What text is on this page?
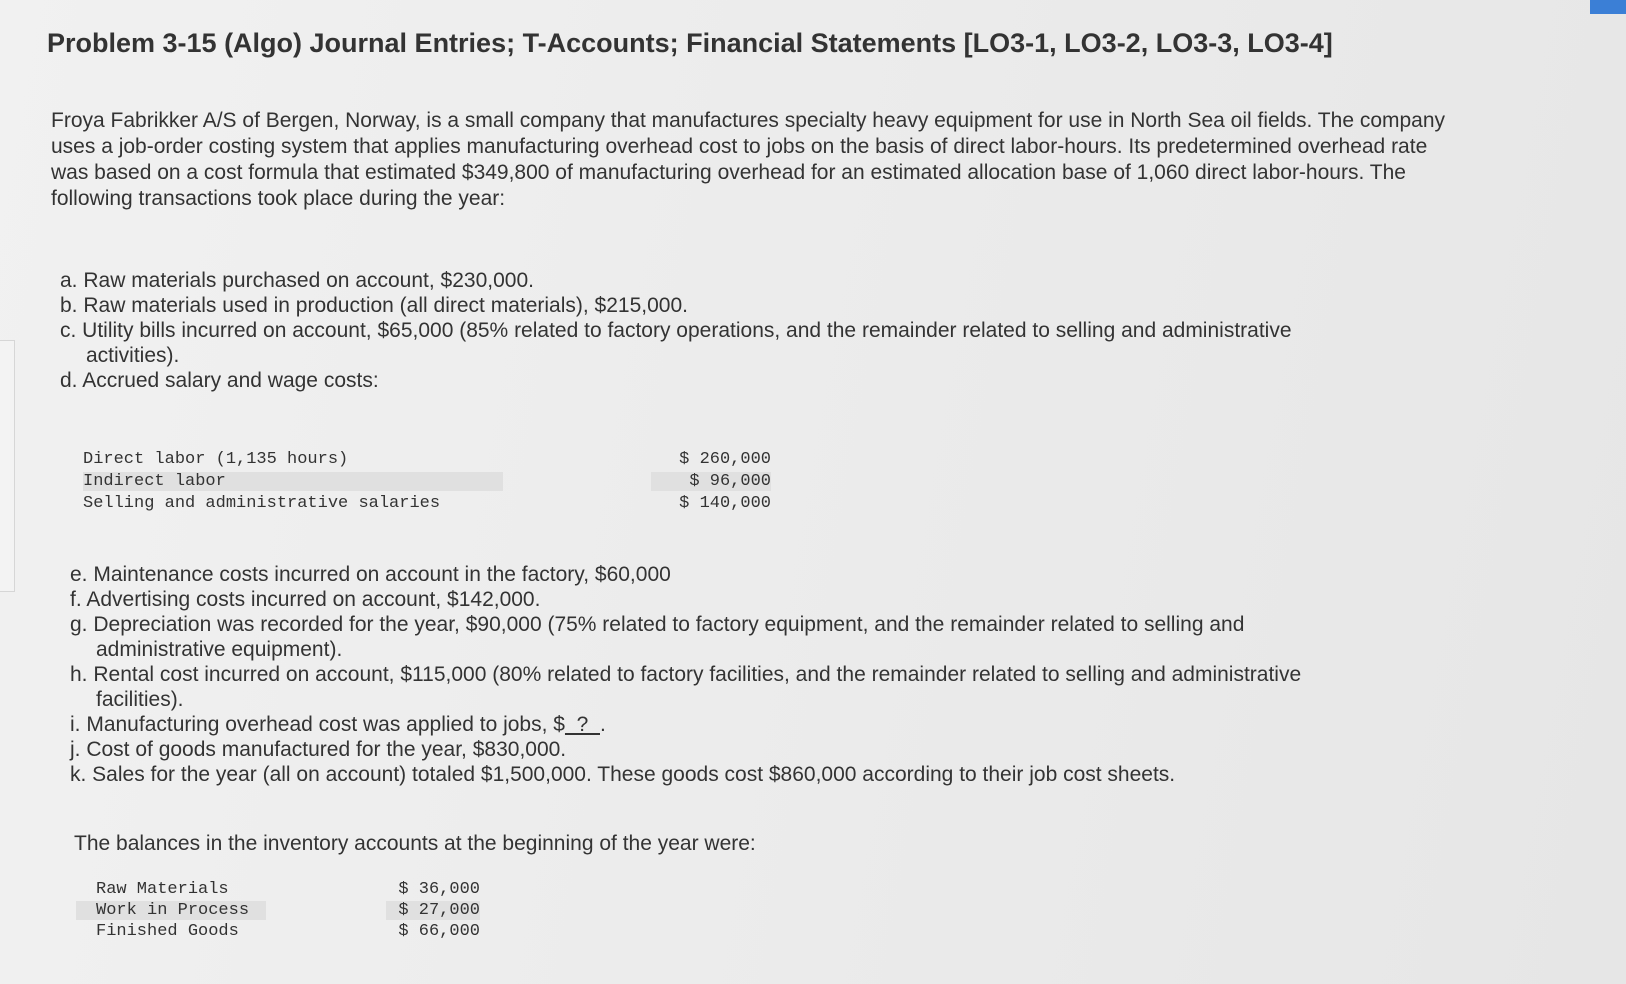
Problem 3-15 (Algo) Journal Entries; T-Accounts; Financial Statements [LO3-1, LO3-2, LO3-3, LO3-4]
Froya Fabrikker A/S of Bergen, Norway, is a small company that manufactures specialty heavy equipment for use in North Sea oil fields. The company uses a job-order costing system that applies manufacturing overhead cost to jobs on the basis of direct labor-hours. Its predetermined overhead rate was based on a cost formula that estimated $349,800 of manufacturing overhead for an estimated allocation base of 1,060 direct labor-hours. The following transactions took place during the year:
a. Raw materials purchased on account, $230,000.
b. Raw materials used in production (all direct materials), $215,000.
c. Utility bills incurred on account, $65,000 (85% related to factory operations, and the remainder related to selling and administrative
activities).
d. Accrued salary and wage costs:
Direct labor (1,135 hours)	$ 260,000
Indirect labor	$ 96,000
Selling and administrative salaries	$ 140,000
e. Maintenance costs incurred on account in the factory, $60,000
f. Advertising costs incurred on account, $142,000.
g. Depreciation was recorded for the year, $90,000 (75% related to factory equipment, and the remainder related to selling and
administrative equipment).
h. Rental cost incurred on account, $115,000 (80% related to factory facilities, and the remainder related to selling and administrative
facilities).
i. Manufacturing overhead cost was applied to jobs, $  ?  .
j. Cost of goods manufactured for the year, $830,000.
k. Sales for the year (all on account) totaled $1,500,000. These goods cost $860,000 according to their job cost sheets.
The balances in the inventory accounts at the beginning of the year were:
Raw Materials	$ 36,000
Work in Process	$ 27,000
Finished Goods	$ 66,000
